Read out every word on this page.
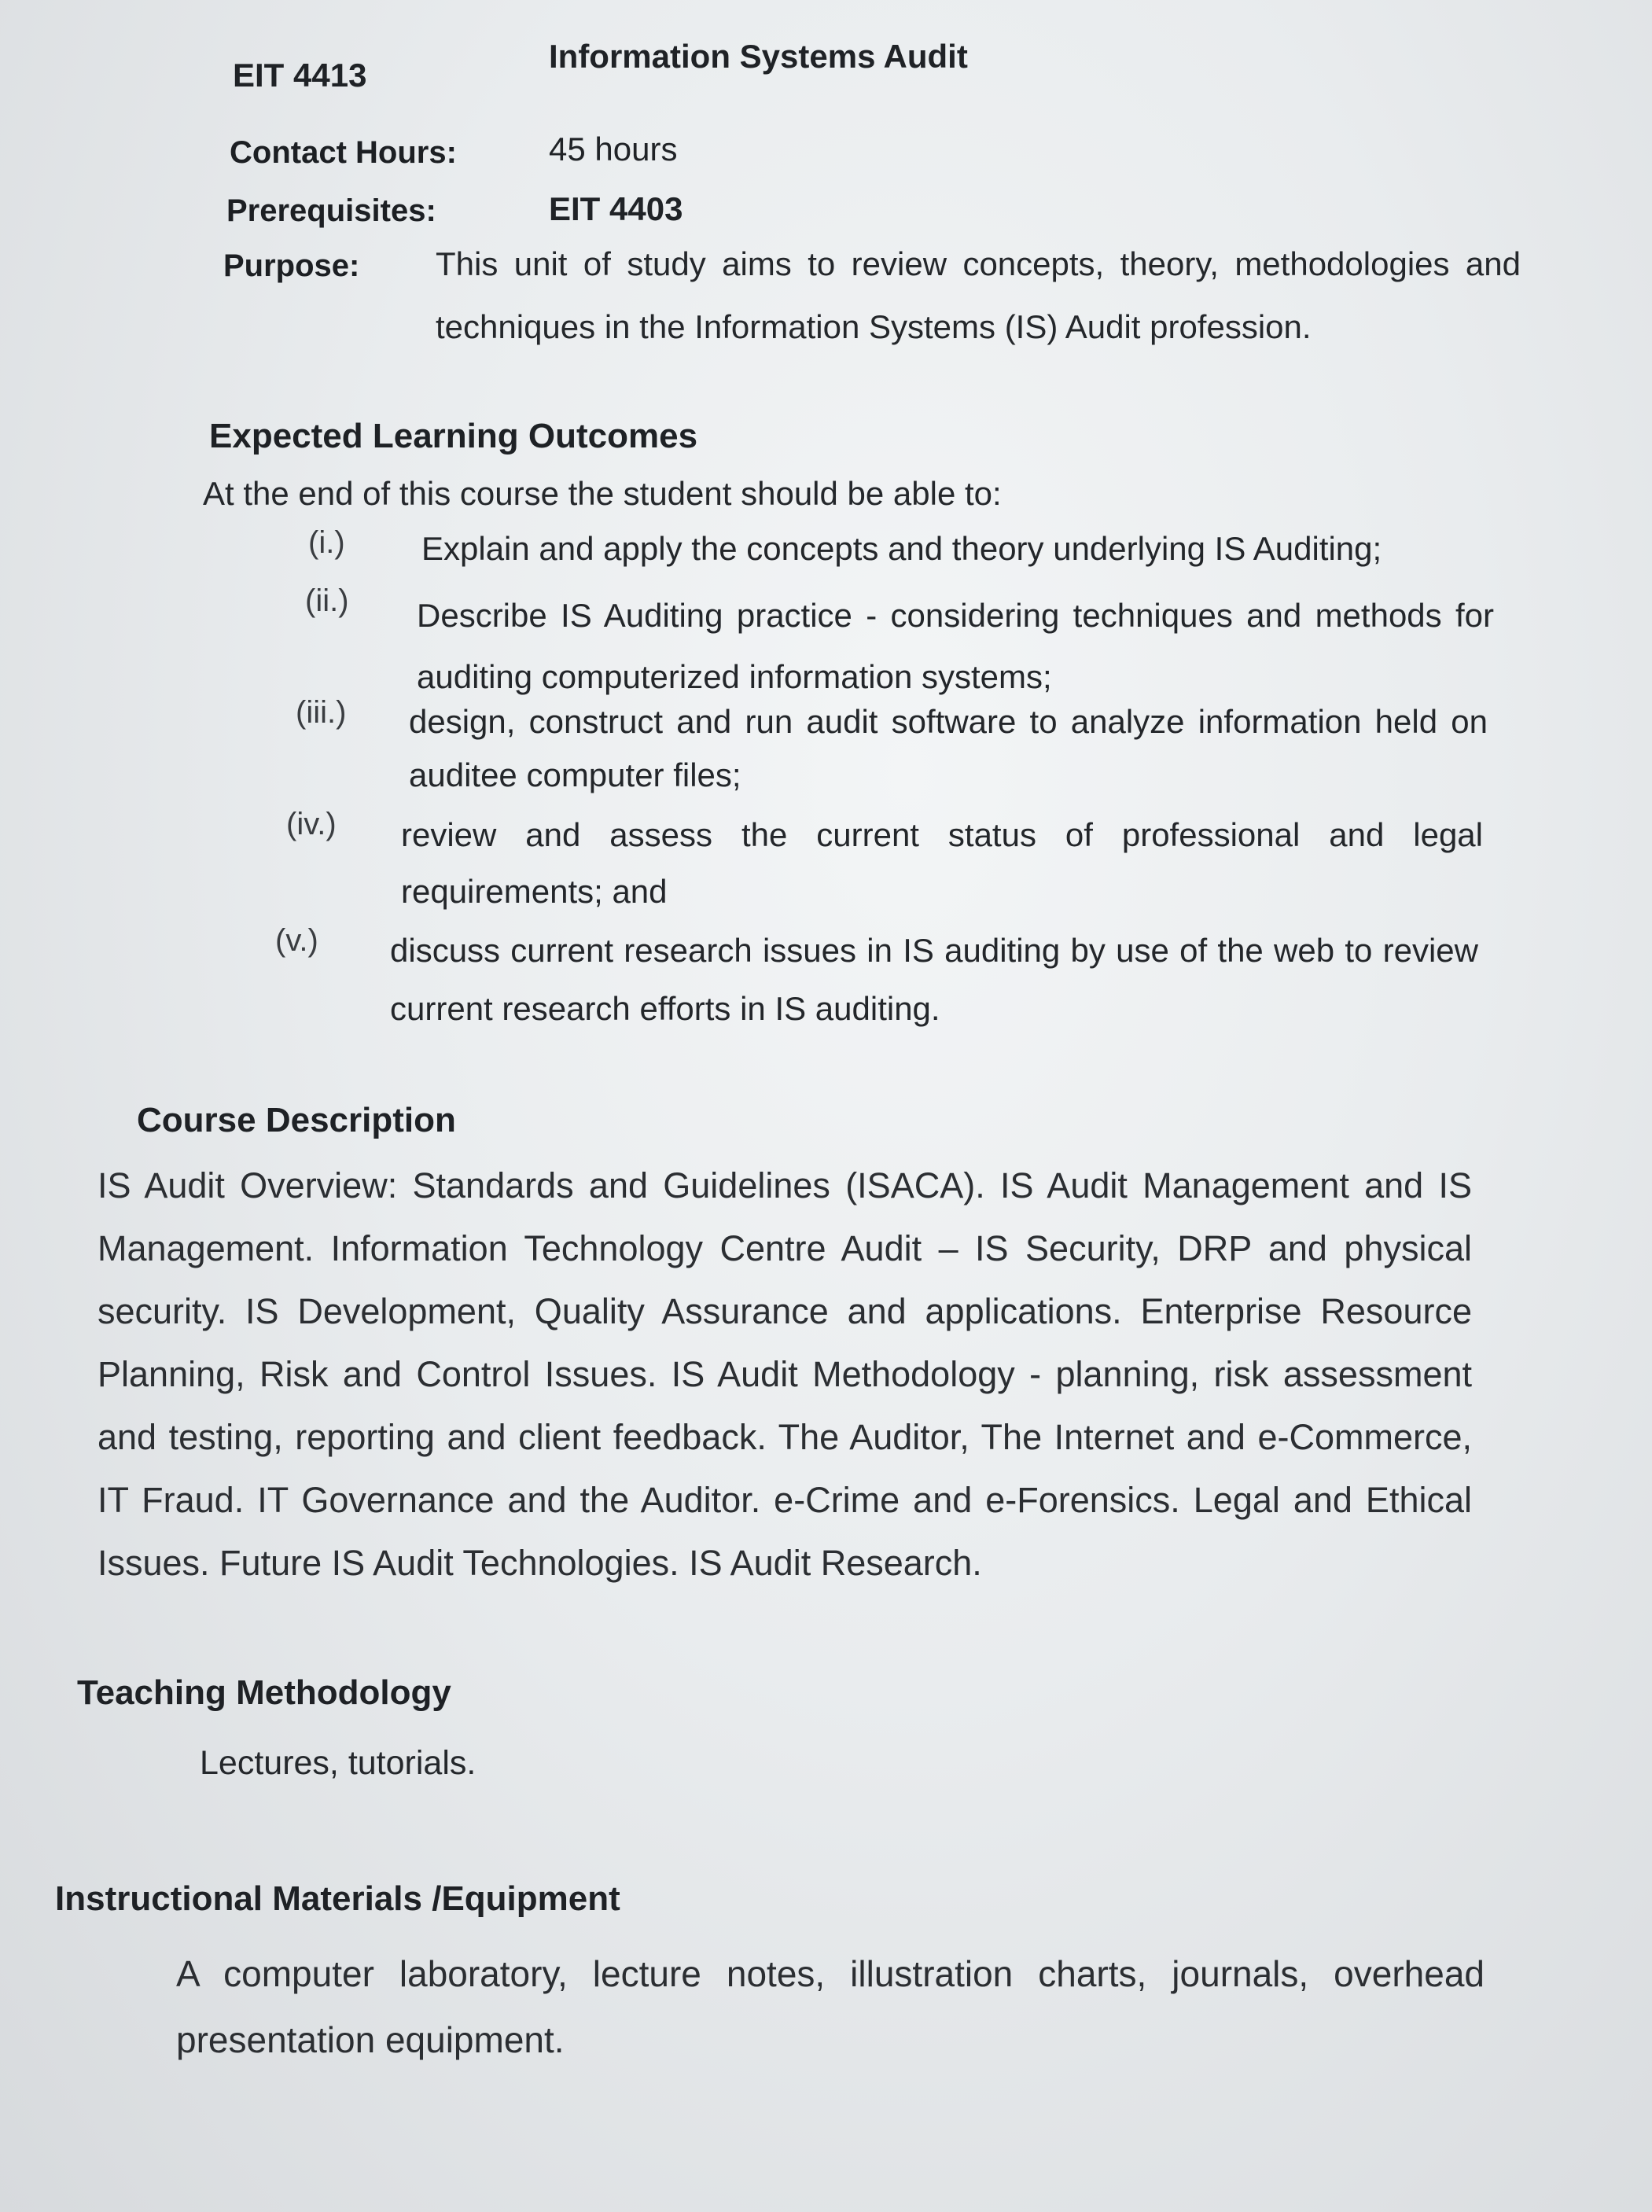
EIT 4413
Information Systems Audit
Contact Hours:	45 hours
Prerequisites:	EIT 4403
Purpose: This unit of study aims to review concepts, theory, methodologies and techniques in the Information Systems (IS) Audit profession.
Expected Learning Outcomes
At the end of this course the student should be able to:
(i.) Explain and apply the concepts and theory underlying IS Auditing;
(ii.) Describe IS Auditing practice - considering techniques and methods for auditing computerized information systems;
(iii.) design, construct and run audit software to analyze information held on auditee computer files;
(iv.) review and assess the current status of professional and legal requirements; and
(v.) discuss current research issues in IS auditing by use of the web to review current research efforts in IS auditing.
Course Description
IS Audit Overview: Standards and Guidelines (ISACA). IS Audit Management and IS Management. Information Technology Centre Audit – IS Security, DRP and physical security. IS Development, Quality Assurance and applications. Enterprise Resource Planning, Risk and Control Issues. IS Audit Methodology - planning, risk assessment and testing, reporting and client feedback. The Auditor, The Internet and e-Commerce, IT Fraud. IT Governance and the Auditor. e-Crime and e-Forensics. Legal and Ethical Issues. Future IS Audit Technologies. IS Audit Research.
Teaching Methodology
Lectures, tutorials.
Instructional Materials /Equipment
A computer laboratory, lecture notes, illustration charts, journals, overhead presentation equipment.
